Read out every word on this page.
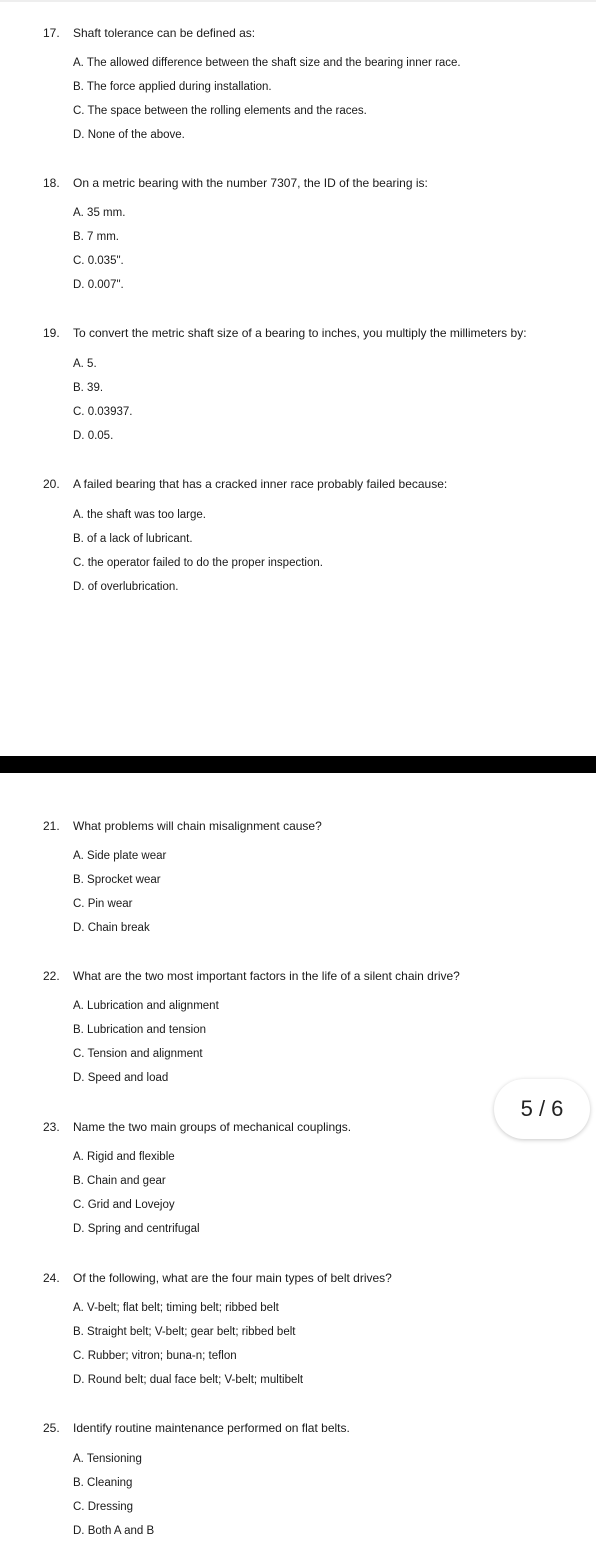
17. Shaft tolerance can be defined as:
A. The allowed difference between the shaft size and the bearing inner race.
B. The force applied during installation.
C. The space between the rolling elements and the races.
D. None of the above.
18. On a metric bearing with the number 7307, the ID of the bearing is:
A. 35 mm.
B. 7 mm.
C. 0.035".
D. 0.007".
19. To convert the metric shaft size of a bearing to inches, you multiply the millimeters by:
A. 5.
B. 39.
C. 0.03937.
D. 0.05.
20. A failed bearing that has a cracked inner race probably failed because:
A. the shaft was too large.
B. of a lack of lubricant.
C. the operator failed to do the proper inspection.
D. of overlubrication.
21. What problems will chain misalignment cause?
A. Side plate wear
B. Sprocket wear
C. Pin wear
D. Chain break
22. What are the two most important factors in the life of a silent chain drive?
A. Lubrication and alignment
B. Lubrication and tension
C. Tension and alignment
D. Speed and load
23. Name the two main groups of mechanical couplings.
A. Rigid and flexible
B. Chain and gear
C. Grid and Lovejoy
D. Spring and centrifugal
24. Of the following, what are the four main types of belt drives?
A. V-belt; flat belt; timing belt; ribbed belt
B. Straight belt; V-belt; gear belt; ribbed belt
C. Rubber; vitron; buna-n; teflon
D. Round belt; dual face belt; V-belt; multibelt
25. Identify routine maintenance performed on flat belts.
A. Tensioning
B. Cleaning
C. Dressing
D. Both A and B
5 / 6
